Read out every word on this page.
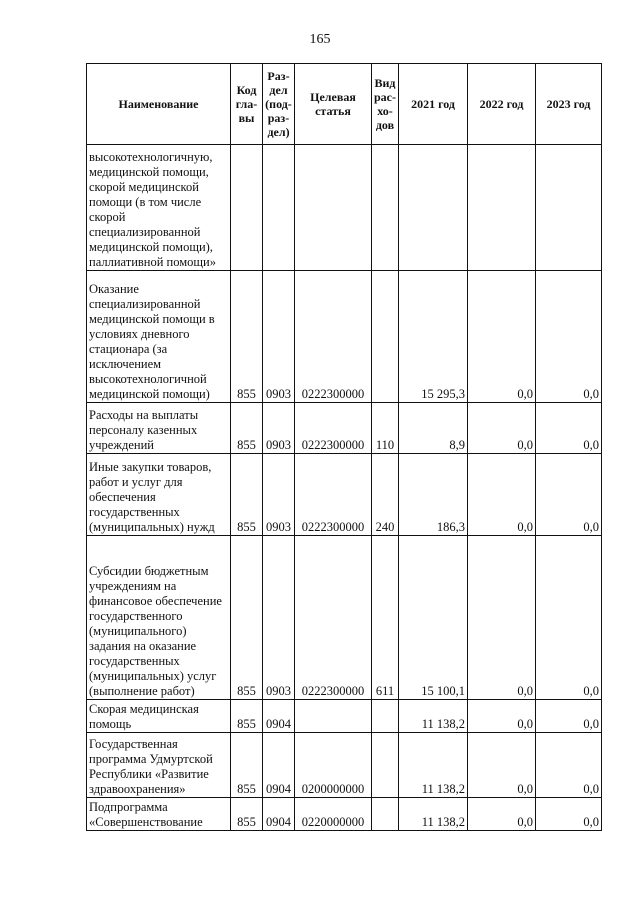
165
Наименование	Код гла-вы	Раз-дел (под-раз-дел)	Целевая статья	Вид рас-хо-дов	2021 год	2022 год	2023 год
высокотехнологичную, медицинской помощи, скорой медицинской помощи (в том числе скорой специализированной медицинской помощи), паллиативной помощи»							
Оказание специализированной медицинской помощи в условиях дневного стационара (за исключением высокотехнологичной медицинской помощи)	855	0903	0222300000		15 295,3	0,0	0,0
Расходы на выплаты персоналу казенных учреждений	855	0903	0222300000	110	8,9	0,0	0,0
Иные закупки товаров, работ и услуг для обеспечения государственных (муниципальных) нужд	855	0903	0222300000	240	186,3	0,0	0,0
Субсидии бюджетным учреждениям на финансовое обеспечение государственного (муниципального) задания на оказание государственных (муниципальных) услуг (выполнение работ)	855	0903	0222300000	611	15 100,1	0,0	0,0
Скорая медицинская помощь	855	0904			11 138,2	0,0	0,0
Государственная программа Удмуртской Республики «Развитие здравоохранения»	855	0904	0200000000		11 138,2	0,0	0,0
Подпрограмма «Совершенствование	855	0904	0220000000		11 138,2	0,0	0,0
